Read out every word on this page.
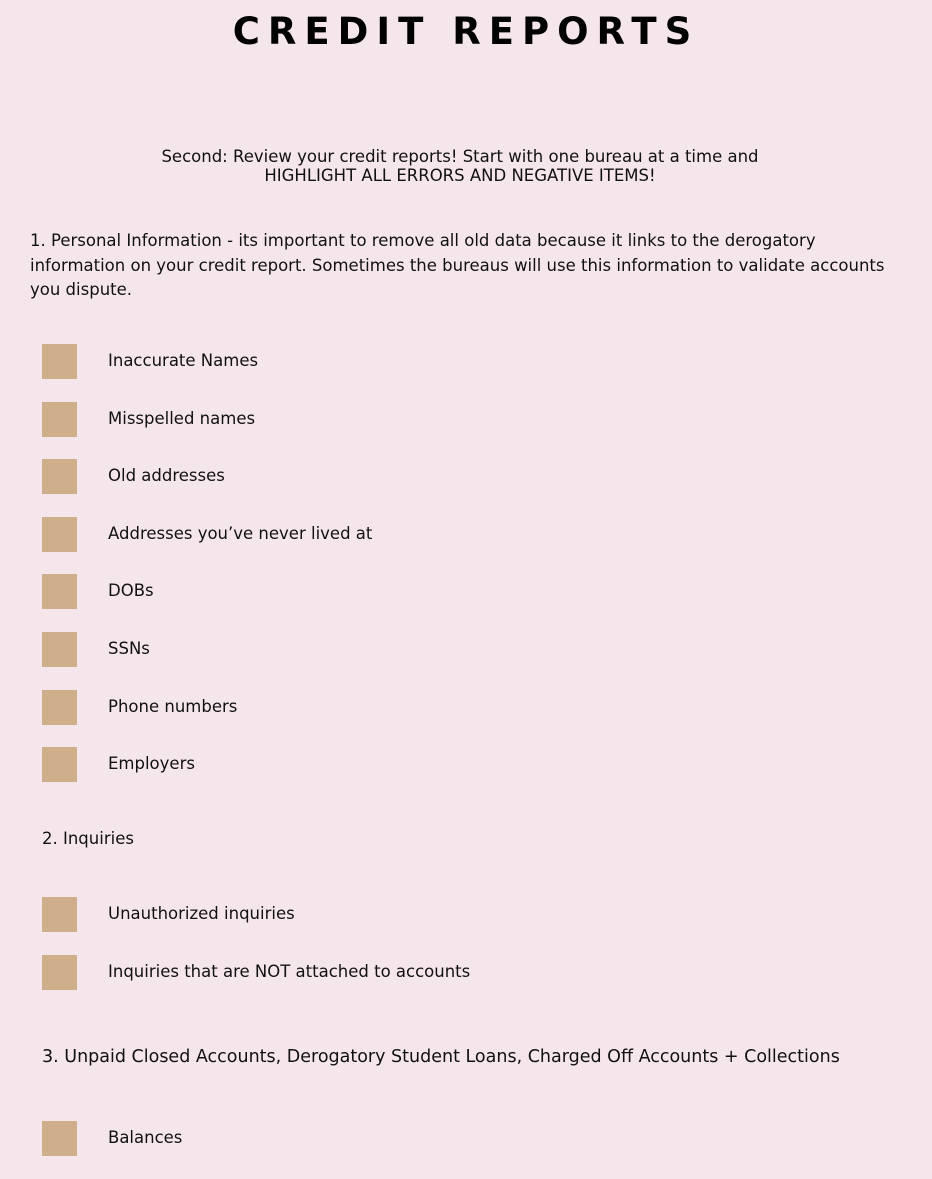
CREDIT REPORTS
Second: Review your credit reports! Start with one bureau at a time and
HIGHLIGHT ALL ERRORS AND NEGATIVE ITEMS!
1. Personal Information - its important to remove all old data because it links to the derogatory information on your credit report. Sometimes the bureaus will use this information to validate accounts you dispute.
Inaccurate Names
Misspelled names
Old addresses
Addresses you’ve never lived at
DOBs
SSNs
Phone numbers
Employers
2. Inquiries
Unauthorized inquiries
Inquiries that are NOT attached to accounts
3. Unpaid Closed Accounts, Derogatory Student Loans, Charged Off Accounts + Collections
Balances
